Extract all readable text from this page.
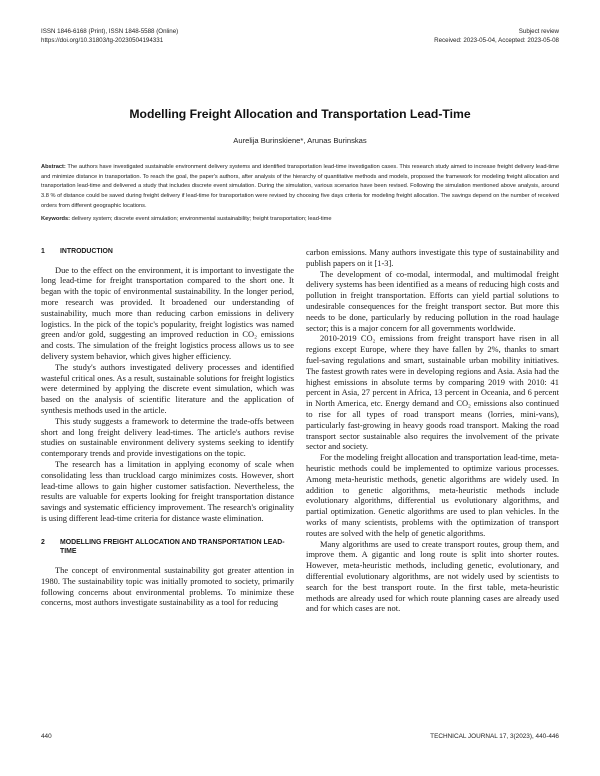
ISSN 1846-6168 (Print), ISSN 1848-5588 (Online)
https://doi.org/10.31803/tg-20230504194331
Subject review
Received: 2023-05-04, Accepted: 2023-05-08
Modelling Freight Allocation and Transportation Lead-Time
Aurelija Burinskiene*, Arunas Burinskas

Abstract: The authors have investigated sustainable environment delivery systems and identified transportation lead-time investigation cases. This research study aimed to increase freight delivery lead-time and minimize distance in transportation. To reach the goal, the paper's authors, after analysis of the hierarchy of quantitative methods and models, proposed the framework for modeling freight allocation and transportation lead-time and delivered a study that includes discrete event simulation. During the simulation, various scenarios have been revised. Following the simulation mentioned above analysis, around 3.8 % of distance could be saved during freight delivery if lead-time for transportation were revised by choosing five days criteria for modeling freight allocation. The savings depend on the number of received orders from different geographic locations.

Keywords: delivery system; discrete event simulation; environmental sustainability; freight transportation; lead-time

1	INTRODUCTION

Due to the effect on the environment, it is important to investigate the long lead-time for freight transportation compared to the short one. It began with the topic of environmental sustainability. In the longer period, more research was provided. It broadened our understanding of sustainability, much more than reducing carbon emissions in delivery logistics. In the pick of the topic's popularity, freight logistics was named green and/or gold, suggesting an improved reduction in CO₂ emissions and costs. The simulation of the freight logistics process allows us to see delivery system behavior, which gives higher efficiency.

The study's authors investigated delivery processes and identified wasteful critical ones. As a result, sustainable solutions for freight logistics were determined by applying the discrete event simulation, which was based on the analysis of scientific literature and the application of synthesis methods used in the article.

This study suggests a framework to determine the trade-offs between short and long freight delivery lead-times. The article's authors revise studies on sustainable environment delivery systems seeking to identify contemporary trends and provide investigations on the topic.

The research has a limitation in applying economy of scale when consolidating less than truckload cargo minimizes costs. However, short lead-time allows to gain higher customer satisfaction. Nevertheless, the results are valuable for experts looking for freight transportation distance savings and systematic efficiency improvement. The research's originality is using different lead-time criteria for distance waste elimination.

2	MODELLING FREIGHT ALLOCATION AND TRANSPORTATION LEAD-TIME

The concept of environmental sustainability got greater attention in 1980. The sustainability topic was initially promoted to society, primarily following concerns about environmental problems. To minimize these concerns, most authors investigate sustainability as a tool for reducing

carbon emissions. Many authors investigate this type of sustainability and publish papers on it [1-3].

The development of co-modal, intermodal, and multimodal freight delivery systems has been identified as a means of reducing high costs and pollution in freight transportation. Efforts can yield partial solutions to undesirable consequences for the freight transport sector. But more this needs to be done, particularly by reducing pollution in the road haulage sector; this is a major concern for all governments worldwide.

2010-2019 CO₂ emissions from freight transport have risen in all regions except Europe, where they have fallen by 2%, thanks to smart fuel-saving regulations and smart, sustainable urban mobility initiatives. The fastest growth rates were in developing regions and Asia. Asia had the highest emissions in absolute terms by comparing 2019 with 2010: 41 percent in Asia, 27 percent in Africa, 13 percent in Oceania, and 6 percent in North America, etc. Energy demand and CO₂ emissions also continued to rise for all types of road transport means (lorries, mini-vans), particularly fast-growing in heavy goods road transport. Making the road transport sector sustainable also requires the involvement of the private sector and society.

For the modeling freight allocation and transportation lead-time, meta-heuristic methods could be implemented to optimize various processes. Among meta-heuristic methods, genetic algorithms are widely used. In addition to genetic algorithms, meta-heuristic methods include evolutionary algorithms, differential us evolutionary algorithms, and partial optimization. Genetic algorithms are used to plan vehicles. In the works of many scientists, problems with the optimization of transport routes are solved with the help of genetic algorithms.

Many algorithms are used to create transport routes, group them, and improve them. A gigantic and long route is split into shorter routes. However, meta-heuristic methods, including genetic, evolutionary, and differential evolutionary algorithms, are not widely used by scientists to search for the best transport route. In the first table, meta-heuristic methods are already used for which route planning cases are already used and for which cases are not.

440	TECHNICAL JOURNAL 17, 3(2023), 440-446
